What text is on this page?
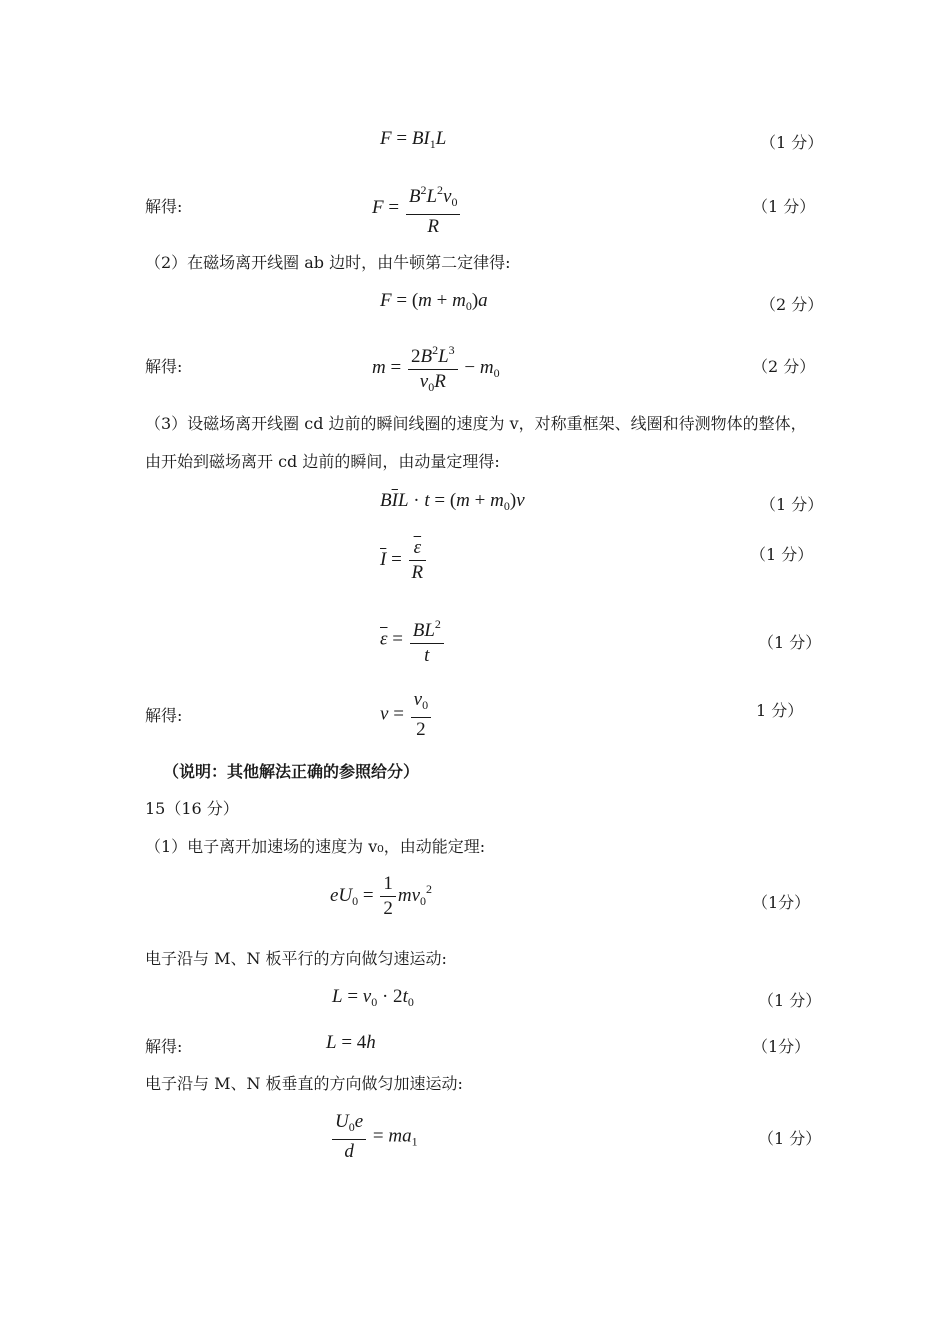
$F = BI_1L$	（1 分）
解得:	$F = \frac{B^2L^2v_0}{R}$	（1 分）
（2）在磁场离开线圈 ab 边时，由牛顿第二定律得:
$F = (m + m_0)a$	（2 分）
解得:	$m = \frac{2B^2L^3}{v_0R} - m_0$	（2 分）
（3）设磁场离开线圈 cd 边前的瞬间线圈的速度为 v，对称重框架、线圈和待测物体的整体，
由开始到磁场离开 cd 边前的瞬间，由动量定理得:
$B\overline{I}L \cdot t = (m + m_0)v$	（1 分）
$\overline{I} = \frac{\overline{\varepsilon}}{R}$	（1 分）
$\overline{\varepsilon} = \frac{BL^2}{t}$	（1 分）
解得:	$v = \frac{v_0}{2}$	1 分）
（说明：其他解法正确的参照给分）
15（16 分）
（1）电子离开加速场的速度为 v₀，由动能定理:
$eU_0 = \frac{1}{2} mv_0^2$
（1分）
电子沿与 M、N 板平行的方向做匀速运动:
$L = v_0 \cdot 2t_0$	（1 分）
解得:	L = 4h	（1分）
电子沿与 M、N 板垂直的方向做匀加速运动:
$\frac{U_0e}{d} = ma_1$	（1 分）
